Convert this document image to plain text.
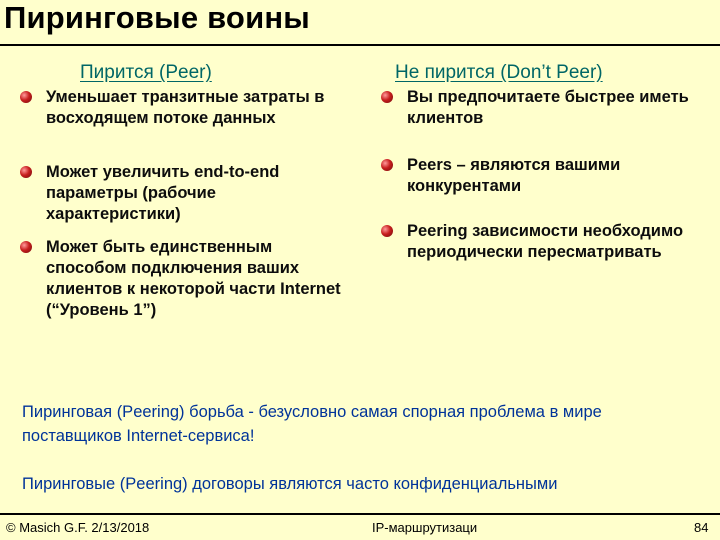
Пиринговые воины
Пирится (Peer)	Не пирится (Don’t Peer)
Уменьшает транзитные затраты в восходящем потоке данных
Может увеличить end-to-end параметры (рабочие характеристики)
Может быть единственным способом подключения ваших клиентов к некоторой части Internet (“Уровень 1”)
Вы предпочитаете быстрее иметь клиентов
Peers – являются вашими конкурентами
Peering зависимости необходимо периодически пересматривать
Пиринговая (Peering) борьба - безусловно самая спорная проблема в мире поставщиков Internet-сервиса!
Пиринговые (Peering) договоры являются часто конфиденциальными
© Masich G.F. 2/13/2018	IP-маршрутизаци	84
